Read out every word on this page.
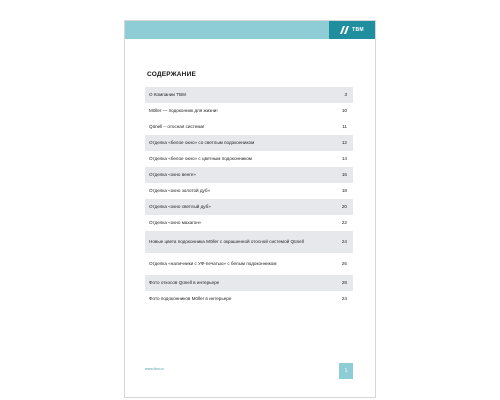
TBM
СОДЕРЖАНИЕ
О Компании TBM	3
Möller — подоконник для жизни!	10
Qünell – отосная система!	11
Отделка «белое окно» со светлым подоконником	12
Отделка «белое окно» с цветным подоконником	14
Отделка «окно венге»	16
Отделка «окно золотой дуб»	18
Отделка «окно светлый дуб»	20
Отделка «окно махагон»	22
Новые цвета подоконника Möller с окрашенной отосной системой Qünell	24
Отделка «наличники с УФ-печатью» с белым подоконником	26
Фото откосов Qünell в интерьере	28
Фото подоконников Möller в интерьере	24
www.tbm.ru	1
